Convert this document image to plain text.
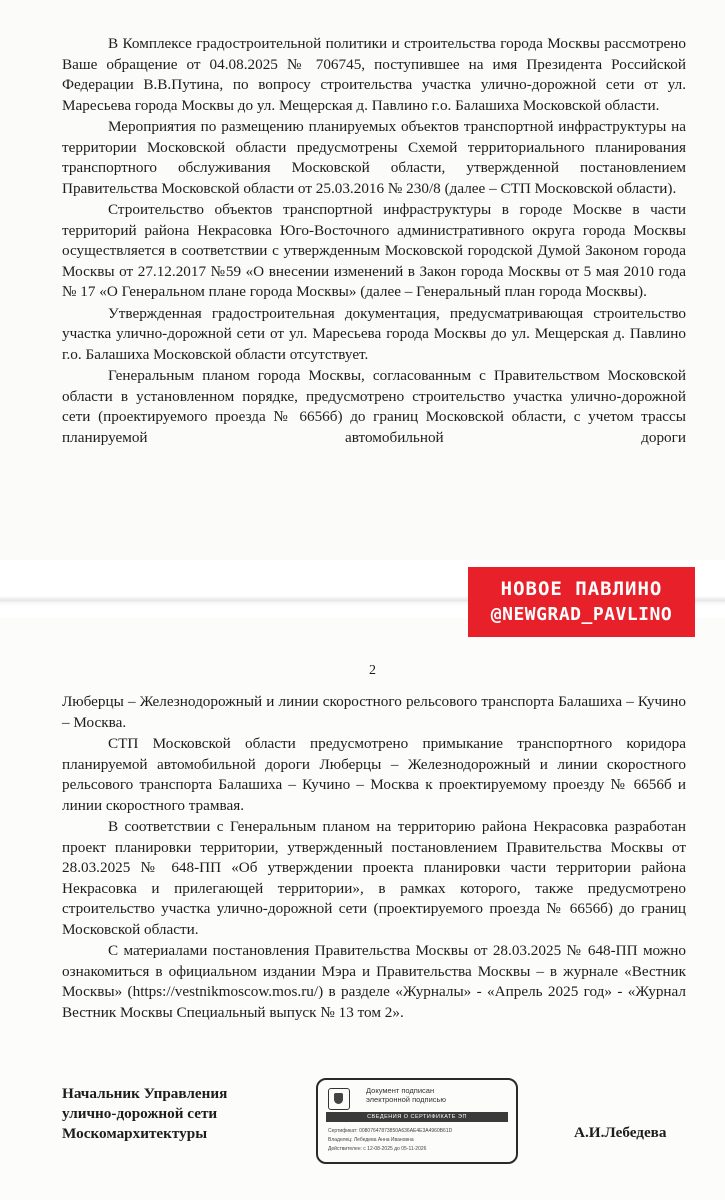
В Комплексе градостроительной политики и строительства города Москвы рассмотрено Ваше обращение от 04.08.2025 № 706745, поступившее на имя Президента Российской Федерации В.В.Путина, по вопросу строительства участка улично-дорожной сети от ул. Маресьева города Москвы до ул. Мещерская д. Павлино г.о. Балашиха Московской области.

Мероприятия по размещению планируемых объектов транспортной инфраструктуры на территории Московской области предусмотрены Схемой территориального планирования транспортного обслуживания Московской области, утвержденной постановлением Правительства Московской области от 25.03.2016 № 230/8 (далее – СТП Московской области).

Строительство объектов транспортной инфраструктуры в городе Москве в части территорий района Некрасовка Юго-Восточного административного округа города Москвы осуществляется в соответствии с утвержденным Московской городской Думой Законом города Москвы от 27.12.2017 №59 «О внесении изменений в Закон города Москвы от 5 мая 2010 года № 17 «О Генеральном плане города Москвы» (далее – Генеральный план города Москвы).

Утвержденная градостроительная документация, предусматривающая строительство участка улично-дорожной сети от ул. Маресьева города Москвы до ул. Мещерская д. Павлино г.о. Балашиха Московской области отсутствует.

Генеральным планом города Москвы, согласованным с Правительством Московской области в установленном порядке, предусмотрено строительство участка улично-дорожной сети (проектируемого проезда № 6656б) до границ Московской области, с учетом трассы планируемой автомобильной дороги

НОВОЕ ПАВЛИНО
@NEWGRAD_PAVLINO
2

Люберцы – Железнодорожный и линии скоростного рельсового транспорта Балашиха – Кучино – Москва.

СТП Московской области предусмотрено примыкание транспортного коридора планируемой автомобильной дороги Люберцы – Железнодорожный и линии скоростного рельсового транспорта Балашиха – Кучино – Москва к проектируемому проезду № 6656б и линии скоростного трамвая.

В соответствии с Генеральным планом на территорию района Некрасовка разработан проект планировки территории, утвержденный постановлением Правительства Москвы от 28.03.2025 № 648-ПП «Об утверждении проекта планировки части территории района Некрасовка и прилегающей территории», в рамках которого, также предусмотрено строительство участка улично-дорожной сети (проектируемого проезда № 6656б) до границ Московской области.

С материалами постановления Правительства Москвы от 28.03.2025 № 648-ПП можно ознакомиться в официальном издании Мэра и Правительства Москвы – в журнале «Вестник Москвы» (https://vestnikmoscow.mos.ru/) в разделе «Журналы» - «Апрель 2025 год» - «Журнал Вестник Москвы Специальный выпуск № 13 том 2».

Начальник Управления
улично-дорожной сети
Москомархитектуры
Документ подписан
электронной подписью
СВЕДЕНИЯ О СЕРТИФИКАТЕ ЭП
Сертификат: 00807647873850A636AE4E3A4960B61D
Владелец: Лебедева Анна Ивановна
Действителен: с 12-08-2025 до 05-11-2026
А.И.Лебедева
